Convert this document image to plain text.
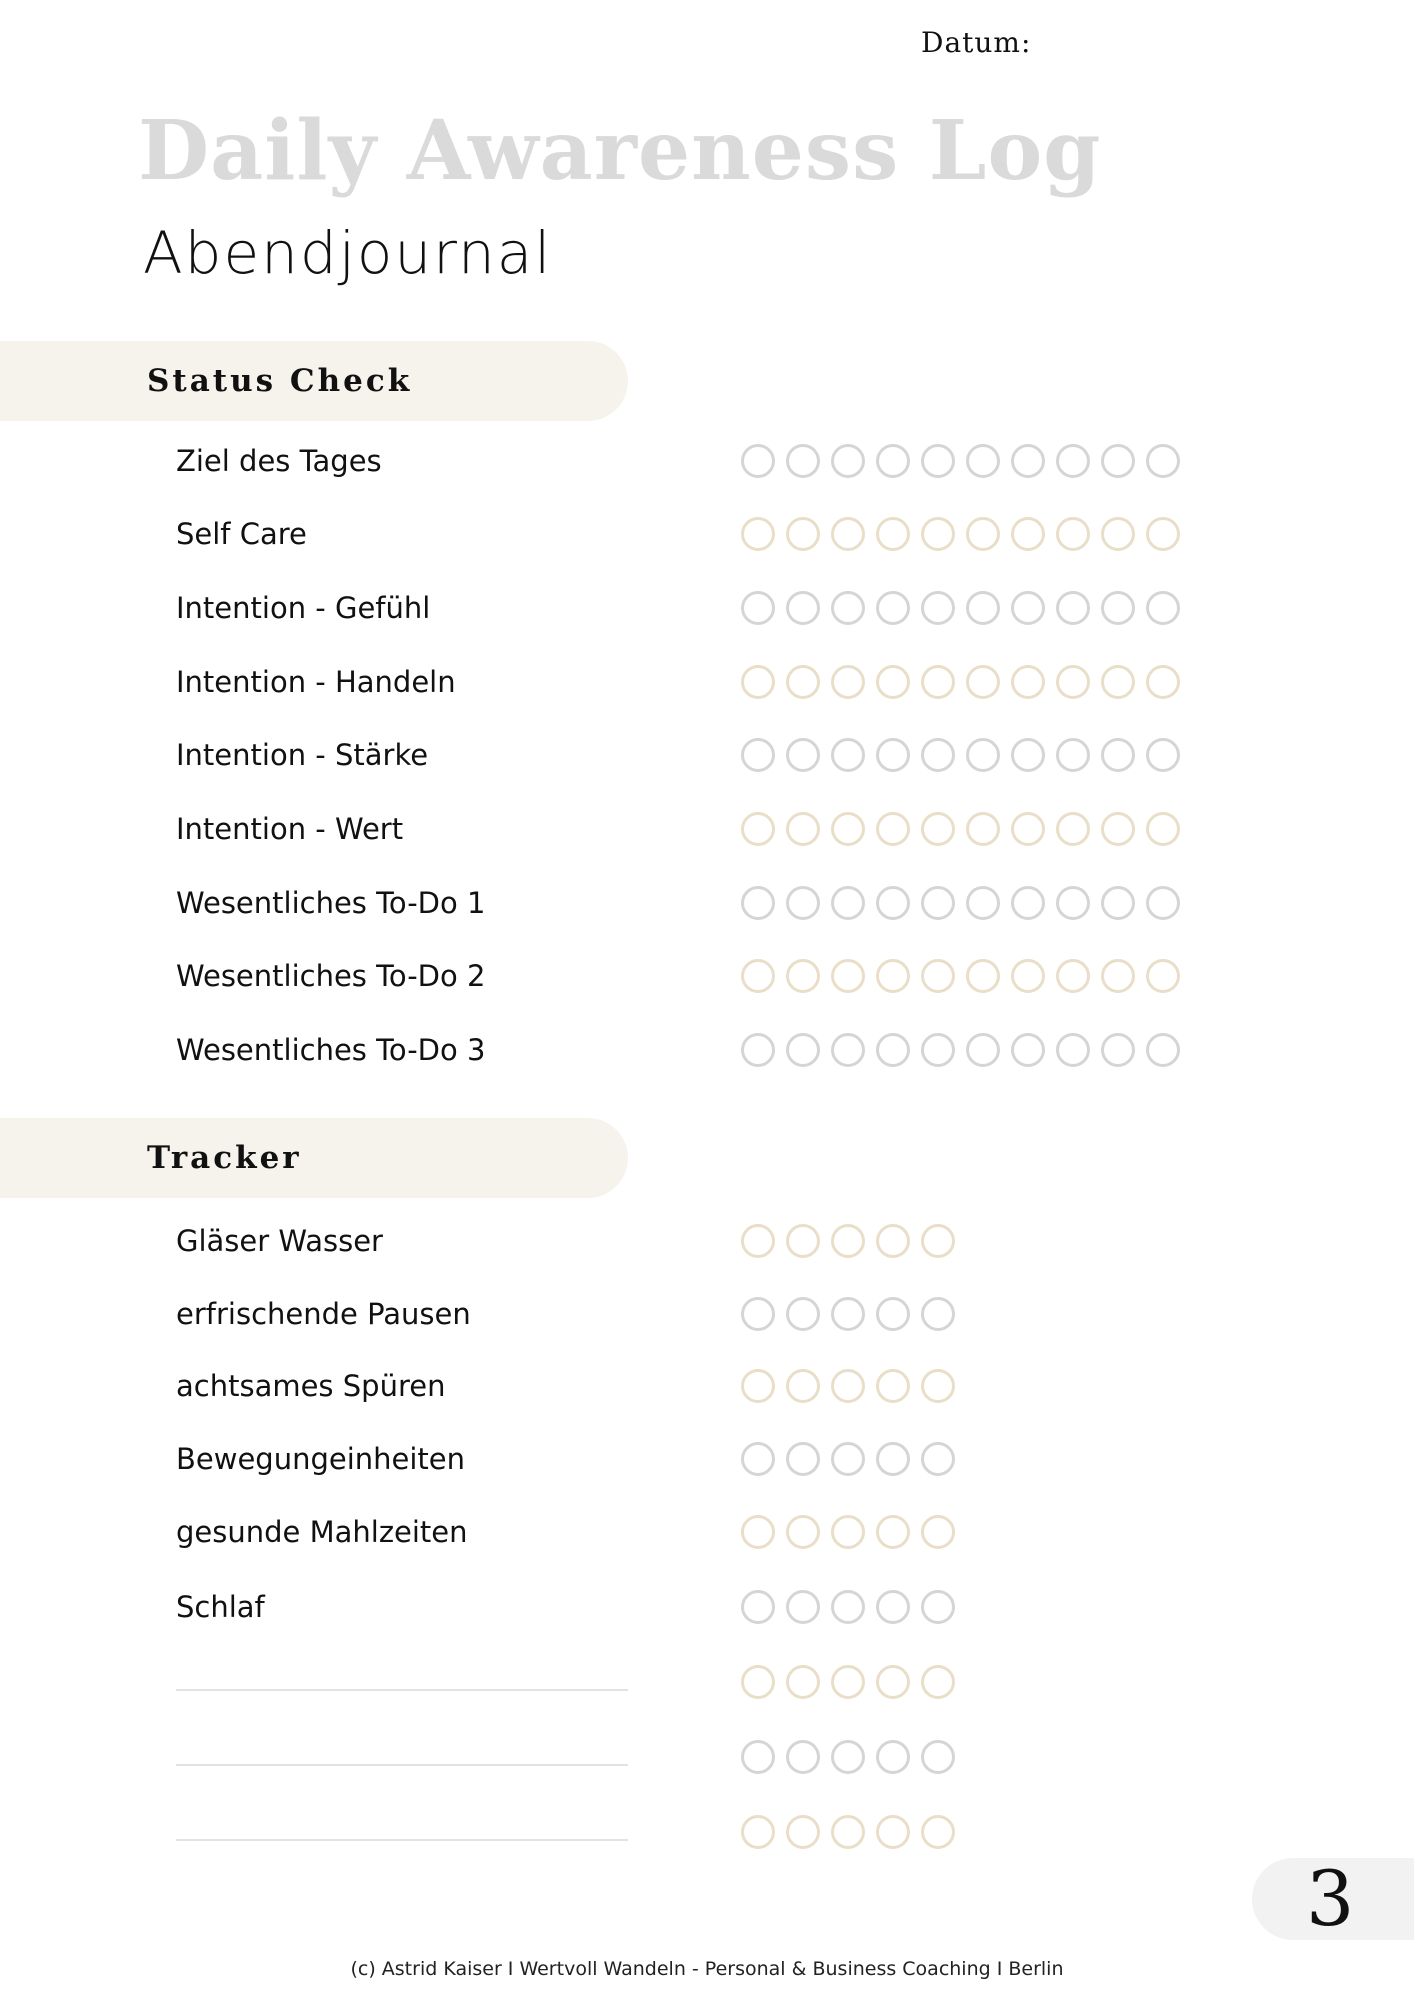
Datum:
Daily Awareness Log
Abendjournal
Status Check
Ziel des Tages
Self Care
Intention - Gefühl
Intention - Handeln
Intention - Stärke
Intention - Wert
Wesentliches To-Do 1
Wesentliches To-Do 2
Wesentliches To-Do 3
Tracker
Gläser Wasser
erfrischende Pausen
achtsames Spüren
Bewegungeinheiten
gesunde Mahlzeiten
Schlaf
3
(c) Astrid Kaiser I Wertvoll Wandeln - Personal & Business Coaching I Berlin
